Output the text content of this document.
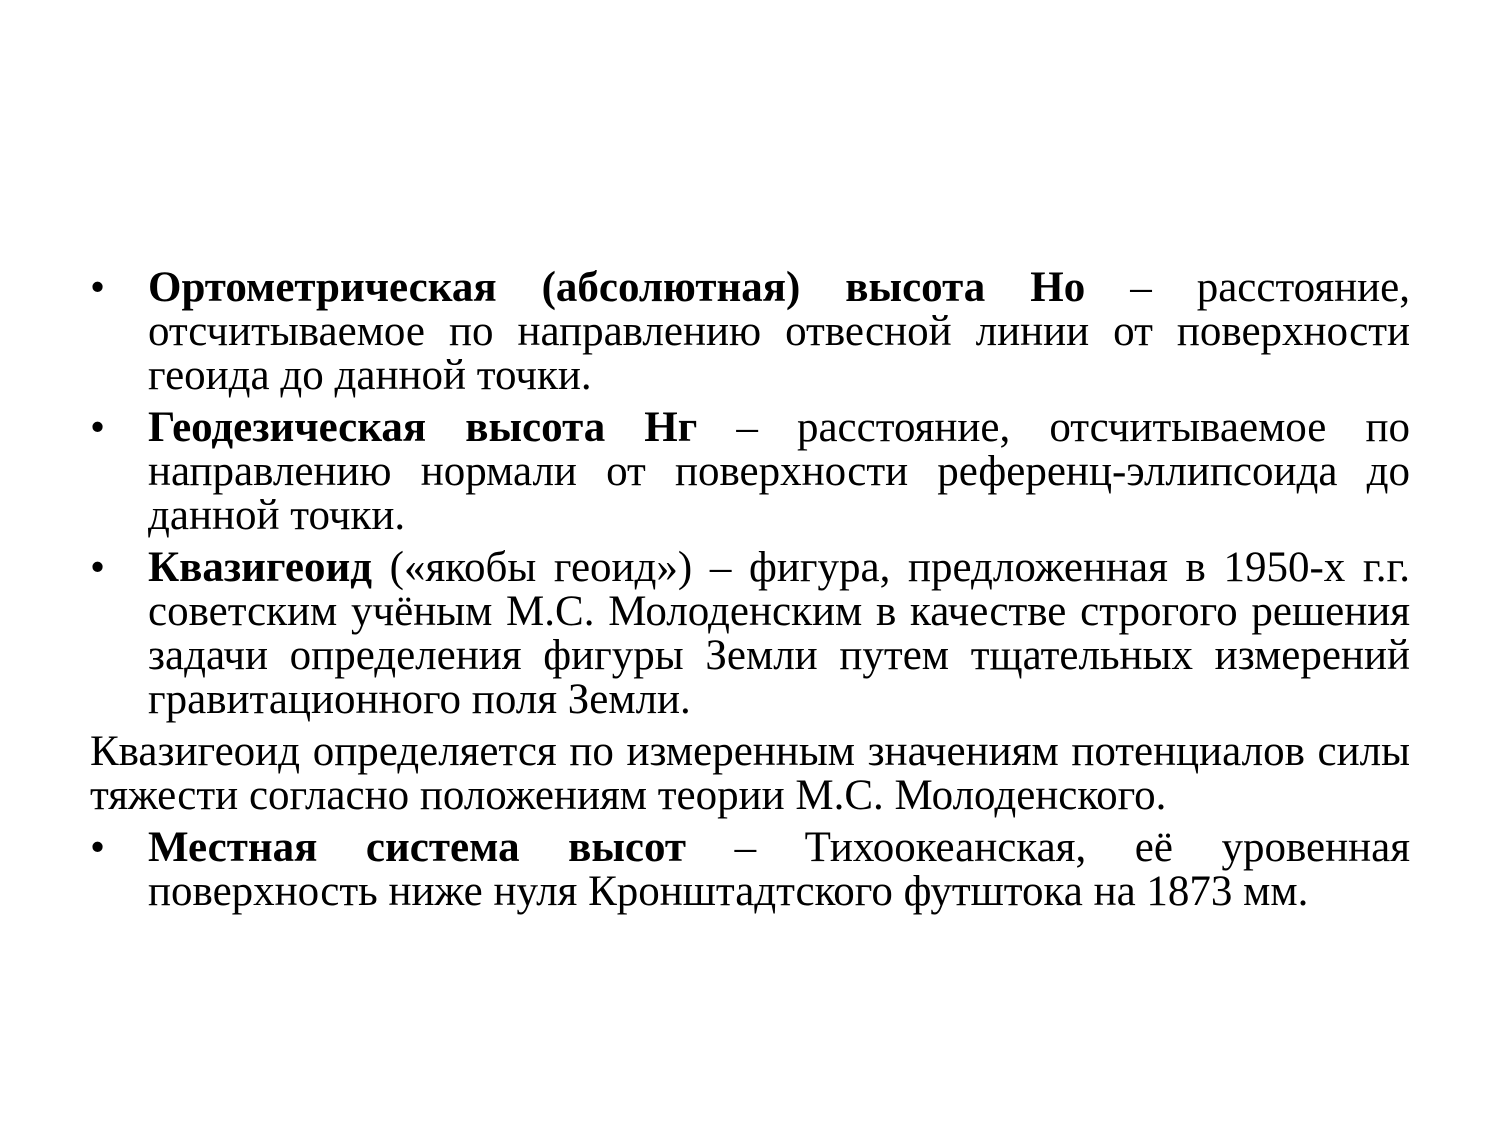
• Ортометрическая (абсолютная) высота Hо – расстояние, отсчитываемое по направлению отвесной линии от поверхности геоида до данной точки.
• Геодезическая высота Hг – расстояние, отсчитываемое по направлению нормали от поверхности референц-эллипсоида до данной точки.
• Квазигеоид («якобы геоид») – фигура, предложенная в 1950-х г.г. советским учёным М.С. Молоденским в качестве строгого решения задачи определения фигуры Земли путем тщательных измерений гравитационного поля Земли.

Квазигеоид определяется по измеренным значениям потенциалов силы тяжести согласно положениям теории М.С. Молоденского.

• Местная система высот – Тихоокеанская, её уровенная поверхность ниже нуля Кронштадтского футштока на 1873 мм.
